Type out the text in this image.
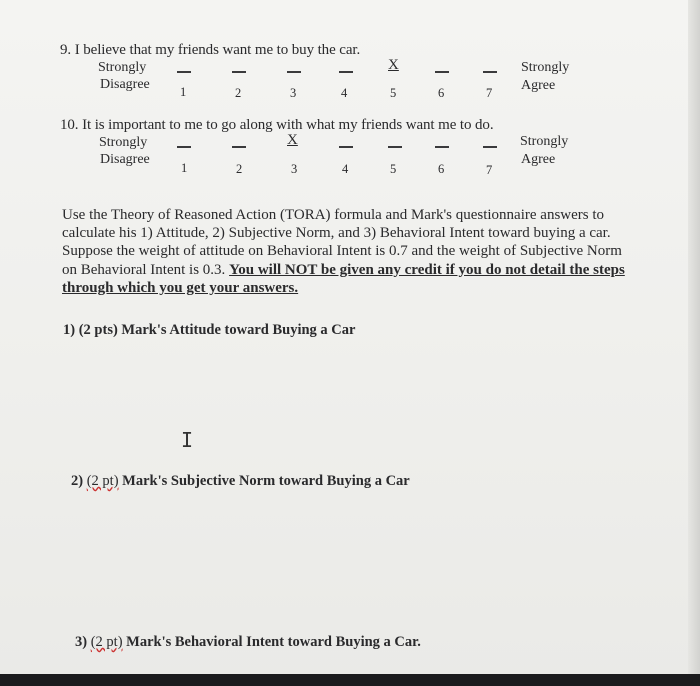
9. I believe that my friends want me to buy the car.
Strongly
Disagree
Strongly
Agree
X
1	2	3	4	5	6	7
10. It is important to me to go along with what my friends want me to do.
Strongly
Disagree
Strongly
Agree
X
1	2	3	4	5	6	7
Use the Theory of Reasoned Action (TORA) formula and Mark's questionnaire answers to calculate his 1) Attitude, 2) Subjective Norm, and 3) Behavioral Intent toward buying a car. Suppose the weight of attitude on Behavioral Intent is 0.7 and the weight of Subjective Norm on Behavioral Intent is 0.3. You will NOT be given any credit if you do not detail the steps through which you get your answers.
1) (2 pts) Mark's Attitude toward Buying a Car
I
2) (2 pt) Mark's Subjective Norm toward Buying a Car
3) (2 pt) Mark's Behavioral Intent toward Buying a Car.
